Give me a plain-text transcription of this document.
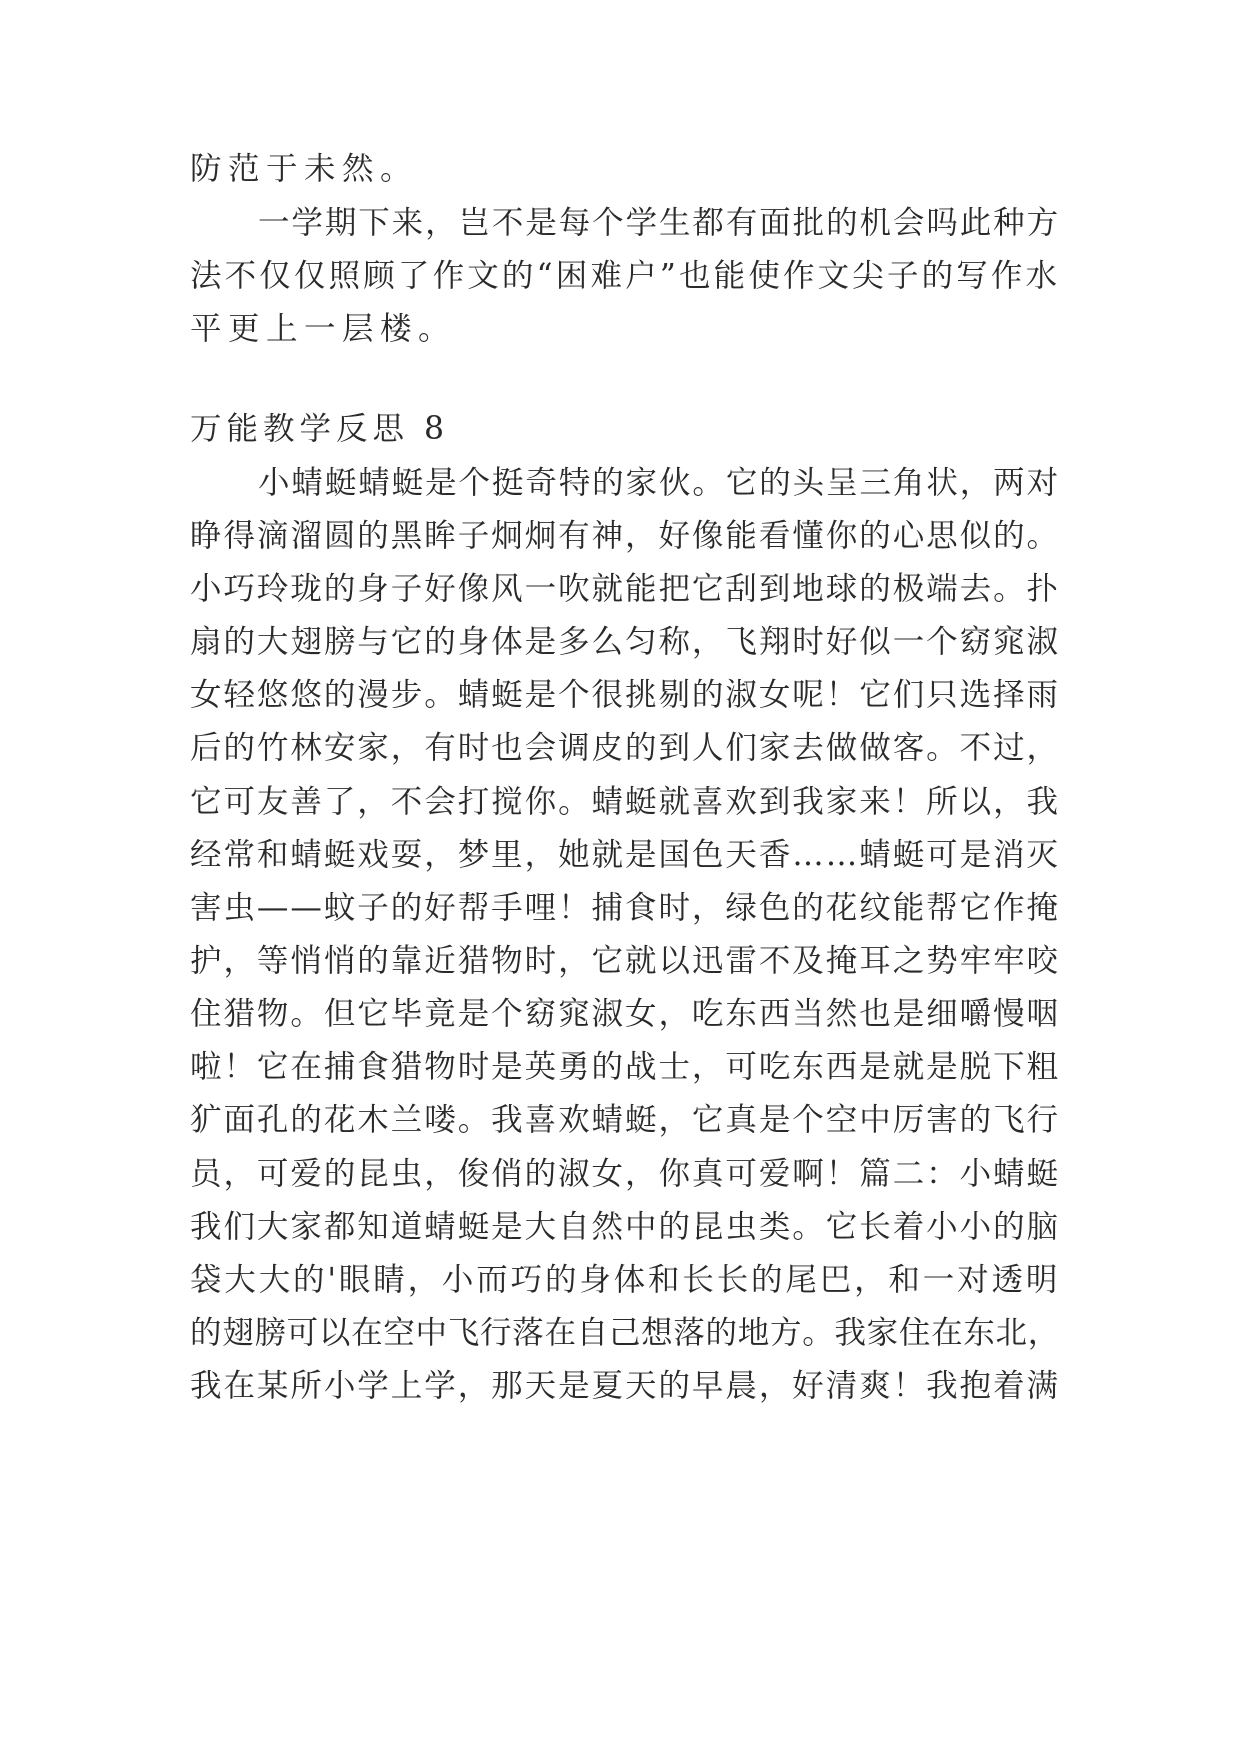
防范于未然。

一学期下来，岂不是每个学生都有面批的机会吗此种方

法不仅仅照顾了作文的“困难户”也能使作文尖子的写作水

平更上一层楼。

万能教学反思 8

小蜻蜓蜻蜓是个挺奇特的家伙。它的头呈三角状，两对

睁得滴溜圆的黑眸子炯炯有神，好像能看懂你的心思似的。

小巧玲珑的身子好像风一吹就能把它刮到地球的极端去。扑

扇的大翅膀与它的身体是多么匀称，飞翔时好似一个窈窕淑

女轻悠悠的漫步。蜻蜓是个很挑剔的淑女呢！它们只选择雨

后的竹林安家，有时也会调皮的到人们家去做做客。不过，

它可友善了，不会打搅你。蜻蜓就喜欢到我家来！所以，我

经常和蜻蜓戏耍，梦里，她就是国色天香……蜻蜓可是消灭

害虫——蚊子的好帮手哩！捕食时，绿色的花纹能帮它作掩

护，等悄悄的靠近猎物时，它就以迅雷不及掩耳之势牢牢咬

住猎物。但它毕竟是个窈窕淑女，吃东西当然也是细嚼慢咽

啦！它在捕食猎物时是英勇的战士，可吃东西是就是脱下粗

犷面孔的花木兰喽。我喜欢蜻蜓，它真是个空中厉害的飞行

员，可爱的昆虫，俊俏的淑女，你真可爱啊！篇二：小蜻蜓

我们大家都知道蜻蜓是大自然中的昆虫类。它长着小小的脑

袋大大的'眼睛，小而巧的身体和长长的尾巴，和一对透明

的翅膀可以在空中飞行落在自己想落的地方。我家住在东北，

我在某所小学上学，那天是夏天的早晨，好清爽！我抱着满
